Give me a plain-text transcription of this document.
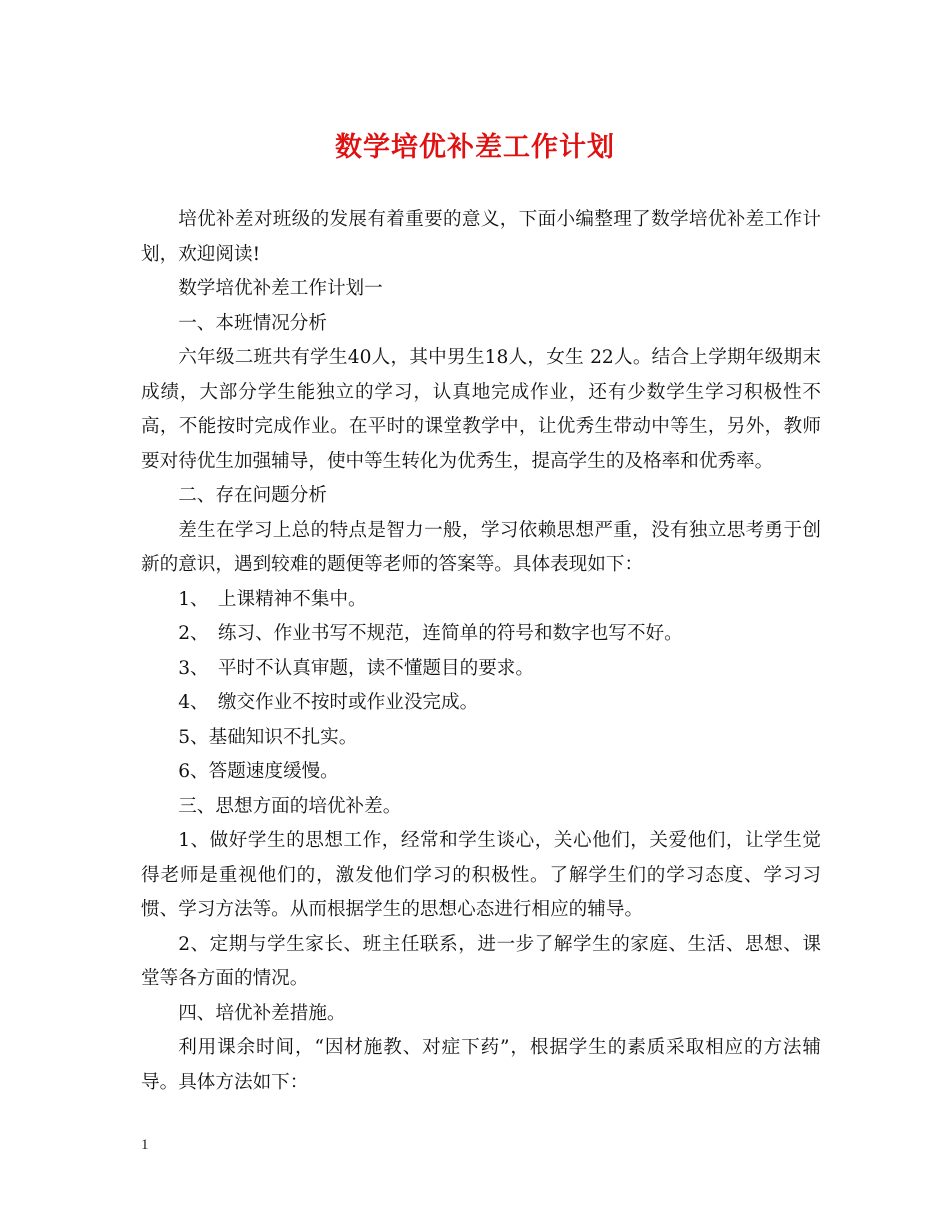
数学培优补差工作计划

培优补差对班级的发展有着重要的意义，下面小编整理了数学培优补差工作计划，欢迎阅读!

数学培优补差工作计划一

一、本班情况分析

六年级二班共有学生40人，其中男生18人，女生 22人。结合上学期年级期末成绩，大部分学生能独立的学习，认真地完成作业，还有少数学生学习积极性不高，不能按时完成作业。在平时的课堂教学中，让优秀生带动中等生，另外，教师要对待优生加强辅导，使中等生转化为优秀生，提高学生的及格率和优秀率。

二、存在问题分析

差生在学习上总的特点是智力一般，学习依赖思想严重，没有独立思考勇于创新的意识，遇到较难的题便等老师的答案等。具体表现如下：

1、　上课精神不集中。

2、　练习、作业书写不规范，连简单的符号和数字也写不好。

3、　平时不认真审题，读不懂题目的要求。

4、　缴交作业不按时或作业没完成。

5、基础知识不扎实。

6、答题速度缓慢。

三、思想方面的培优补差。

1、做好学生的思想工作，经常和学生谈心，关心他们，关爱他们，让学生觉得老师是重视他们的，激发他们学习的积极性。了解学生们的学习态度、学习习惯、学习方法等。从而根据学生的思想心态进行相应的辅导。

2、定期与学生家长、班主任联系，进一步了解学生的家庭、生活、思想、课堂等各方面的情况。

四、培优补差措施。

利用课余时间，“因材施教、对症下药”，根据学生的素质采取相应的方法辅导。具体方法如下：

1
